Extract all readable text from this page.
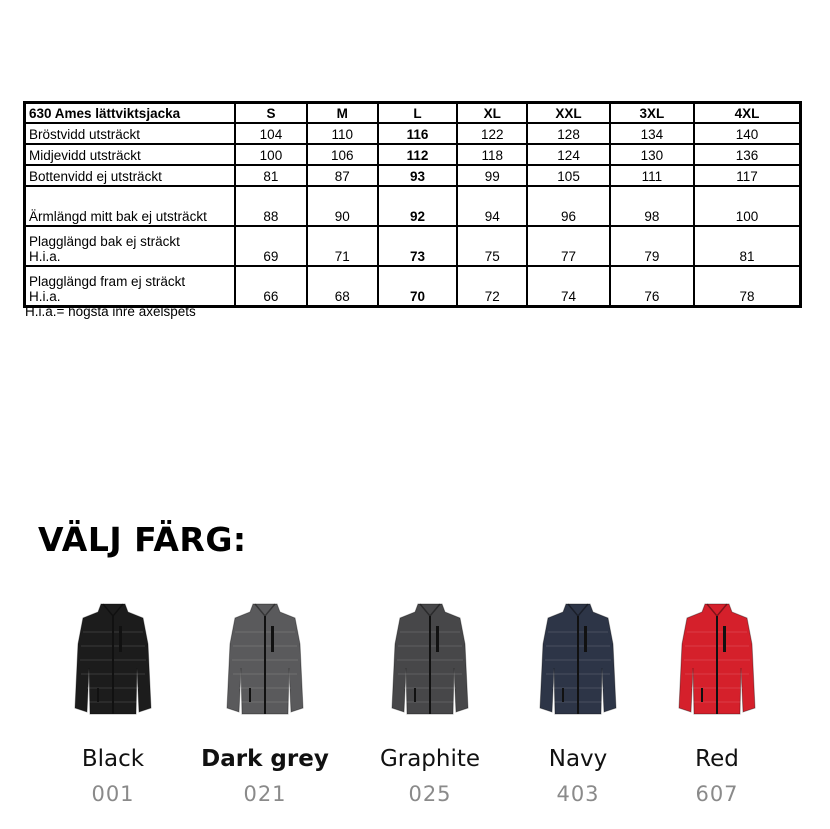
630 Ames lättviktsjacka	S	M	L	XL	XXL	3XL	4XL
Bröstvidd utsträckt	104	110	116	122	128	134	140
Midjevidd utsträckt	100	106	112	118	124	130	136
Bottenvidd ej utsträckt	81	87	93	99	105	111	117
Ärmlängd mitt bak ej utsträckt	88	90	92	94	96	98	100
Plagglängd bak ej sträckt
H.i.a.	69	71	73	75	77	79	81
Plagglängd fram ej sträckt
H.i.a.	66	68	70	72	74	76	78
H.i.a.= högsta inre axelspets
VÄLJ FÄRG:
Black
001
Dark grey
021
Graphite
025
Navy
403
Red
607
